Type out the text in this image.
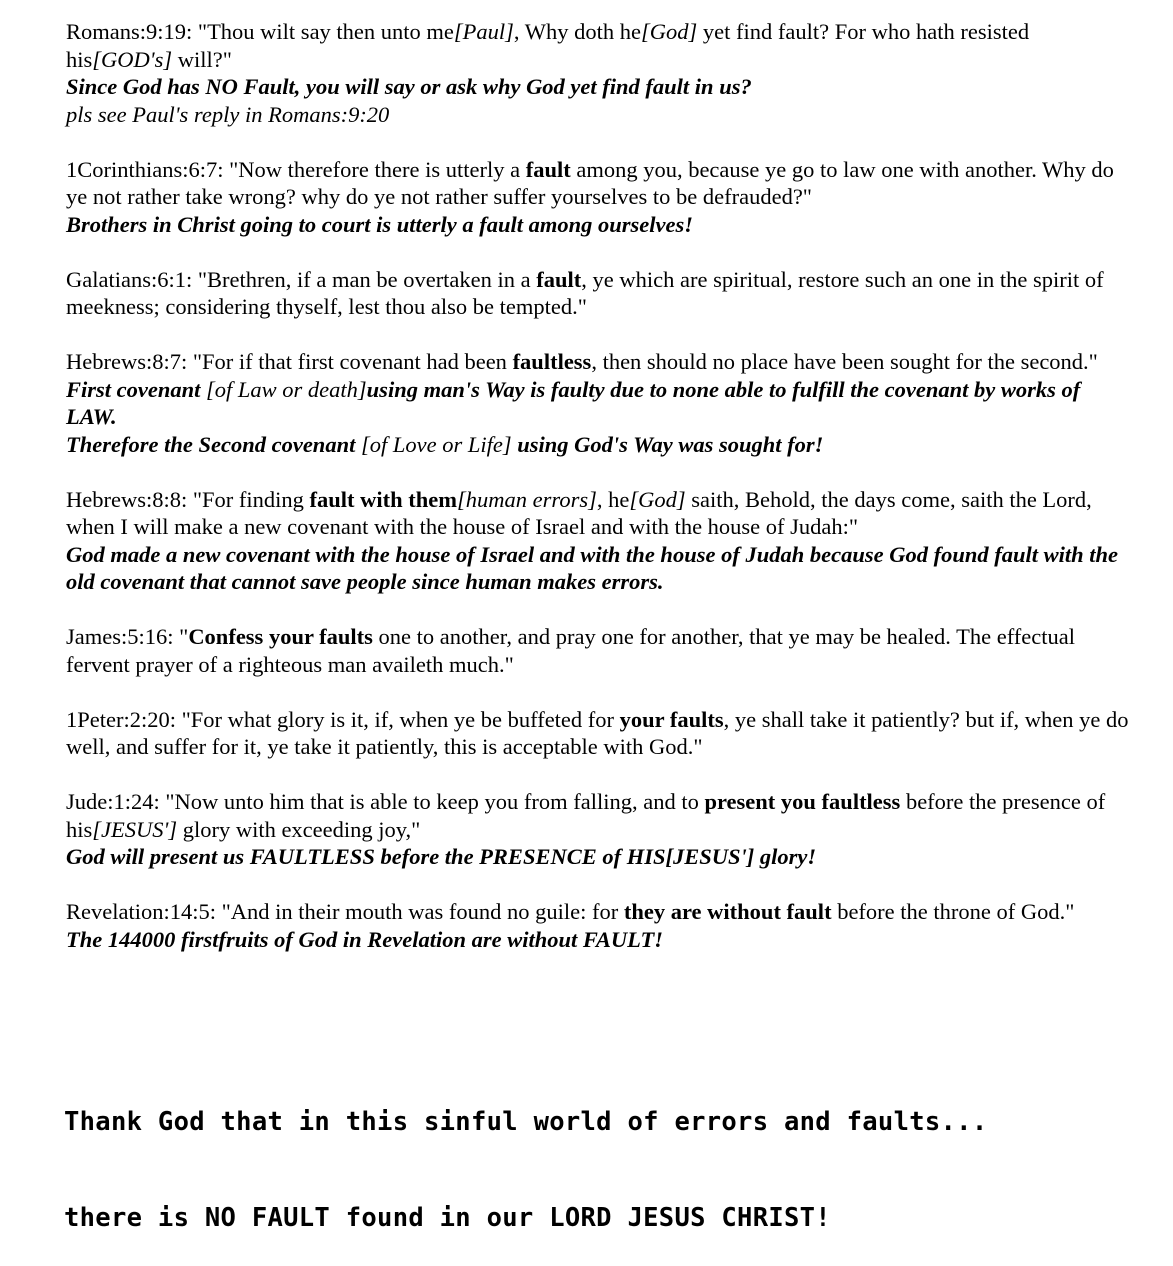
Romans:9:19: "Thou wilt say then unto me[Paul], Why doth he[God] yet find fault? For who hath resisted his[GOD's] will?"

Since God has NO Fault, you will say or ask why God yet find fault in us?

pls see Paul's reply in Romans:9:20

1Corinthians:6:7: "Now therefore there is utterly a fault among you, because ye go to law one with another. Why do ye not rather take wrong? why do ye not rather suffer yourselves to be defrauded?"

Brothers in Christ going to court is utterly a fault among ourselves!

Galatians:6:1: "Brethren, if a man be overtaken in a fault, ye which are spiritual, restore such an one in the spirit of meekness; considering thyself, lest thou also be tempted."

Hebrews:8:7: "For if that first covenant had been faultless, then should no place have been sought for the second."

First covenant [of Law or death]using man's Way is faulty due to none able to fulfill the covenant by works of LAW.

Therefore the Second covenant [of Love or Life] using God's Way was sought for!

Hebrews:8:8: "For finding fault with them[human errors], he[God] saith, Behold, the days come, saith the Lord, when I will make a new covenant with the house of Israel and with the house of Judah:"

God made a new covenant with the house of Israel and with the house of Judah because God found fault with the old covenant that cannot save people since human makes errors.

James:5:16: "Confess your faults one to another, and pray one for another, that ye may be healed. The effectual fervent prayer of a righteous man availeth much."

1Peter:2:20: "For what glory is it, if, when ye be buffeted for your faults, ye shall take it patiently? but if, when ye do well, and suffer for it, ye take it patiently, this is acceptable with God."

Jude:1:24: "Now unto him that is able to keep you from falling, and to present you faultless before the presence of his[JESUS'] glory with exceeding joy,"

God will present us FAULTLESS before the PRESENCE of HIS[JESUS'] glory!

Revelation:14:5: "And in their mouth was found no guile: for they are without fault before the throne of God."

The 144000 firstfruits of God in Revelation are without FAULT!

Thank God that in this sinful world of errors and faults...

there is NO FAULT found in our LORD JESUS CHRIST!
